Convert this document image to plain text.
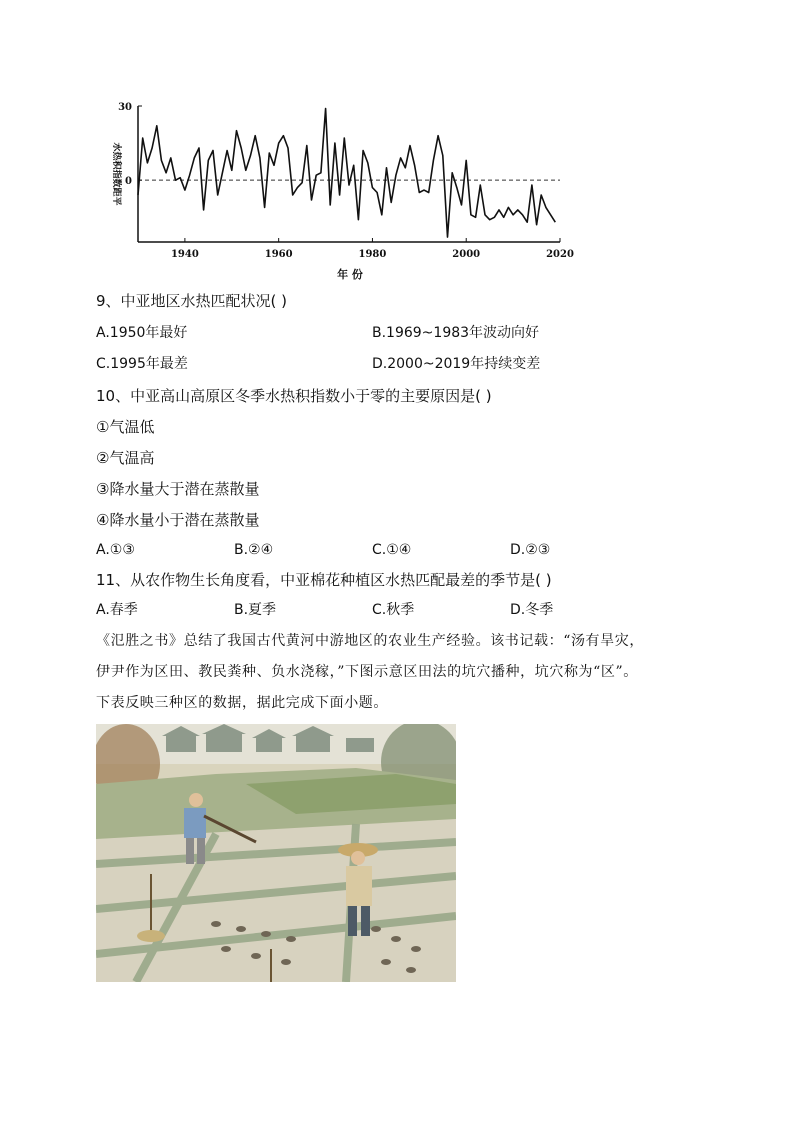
1940	1960	1980	2000	2020
30
0
水热积指数距平
年 份
9、中亚地区水热匹配状况( )
A.1950年最好	B.1969~1983年波动向好
C.1995年最差	D.2000~2019年持续变差
10、中亚高山高原区冬季水热积指数小于零的主要原因是( )
①气温低
②气温高
③降水量大于潜在蒸散量
④降水量小于潜在蒸散量
A.①③	B.②④	C.①④	D.②③
11、从农作物生长角度看，中亚棉花种植区水热匹配最差的季节是( )
A.春季	B.夏季	C.秋季	D.冬季

《氾胜之书》总结了我国古代黄河中游地区的农业生产经验。该书记载：“汤有旱灾，

伊尹作为区田、教民粪种、负水浇稼，”下图示意区田法的坑穴播种，坑穴称为“区”。

下表反映三种区的数据，据此完成下面小题。
